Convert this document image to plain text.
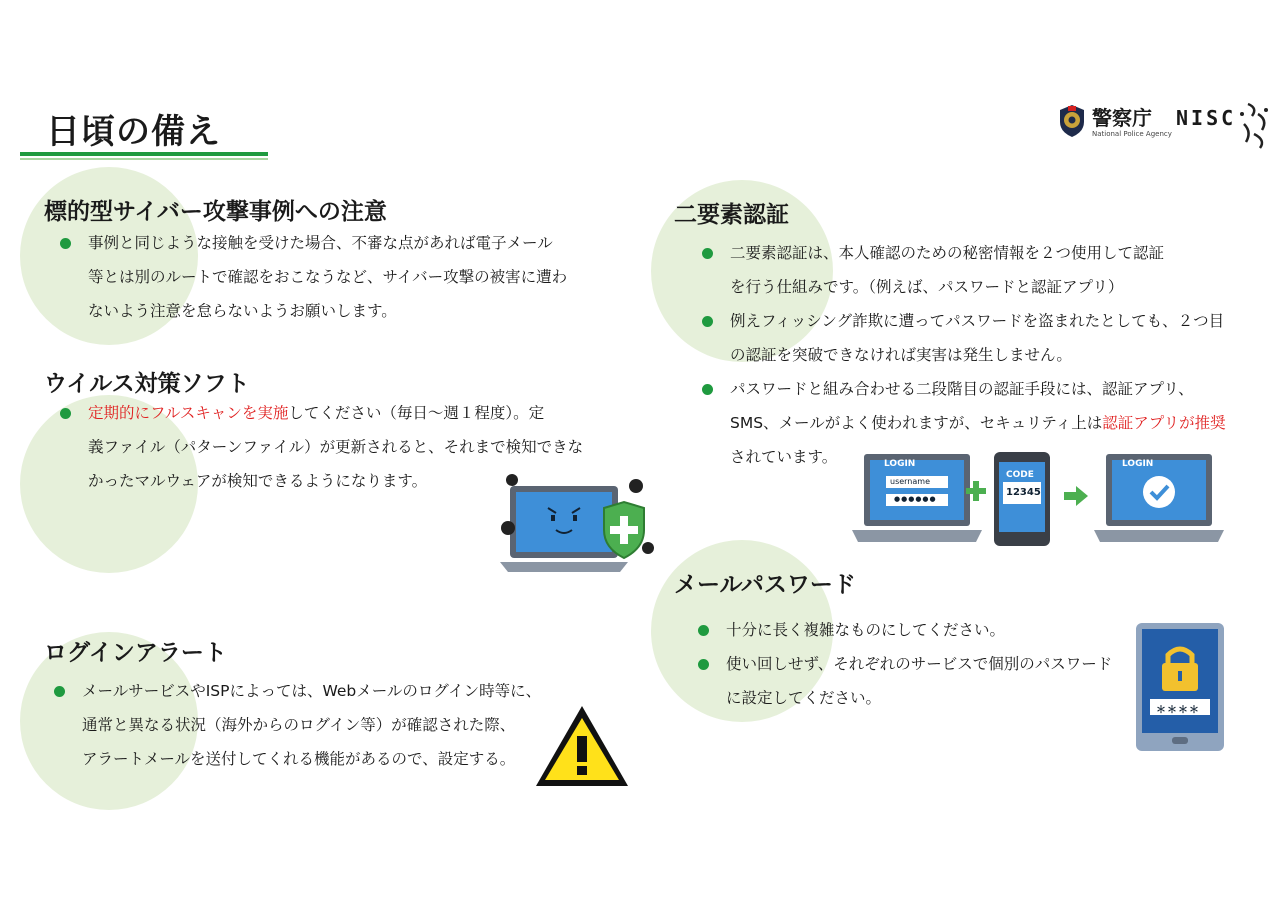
日頃の備え	警察庁
National Police Agency
NISC
標的型サイバー攻撃事例への注意
事例と同じような接触を受けた場合、不審な点があれば電子メール
等とは別のルートで確認をおこなうなど、サイバー攻撃の被害に遭わ
ないよう注意を怠らないようお願いします。
ウイルス対策ソフト
定期的にフルスキャンを実施してください（毎日～週１程度）。定
義ファイル（パターンファイル）が更新されると、それまで検知できな
かったマルウェアが検知できるようになります。
ログインアラート
メールサービスやISPによっては、Webメールのログイン時等に、
通常と異なる状況（海外からのログイン等）が確認された際、
アラートメールを送付してくれる機能があるので、設定する。
二要素認証
二要素認証は、本人確認のための秘密情報を２つ使用して認証
を行う仕組みです。（例えば、パスワードと認証アプリ）
例えフィッシング詐欺に遭ってパスワードを盗まれたとしても、２つ目
の認証を突破できなければ実害は発生しません。
パスワードと組み合わせる二段階目の認証手段には、認証アプリ、
SMS、メールがよく使われますが、セキュリティ上は認証アプリが推奨
されています。	LOGIN
username
●●●●●●
CODE
12345
LOGIN
メールパスワード
十分に長く複雑なものにしてください。
使い回しせず、それぞれのサービスで個別のパスワード
に設定してください。
＊＊＊＊
